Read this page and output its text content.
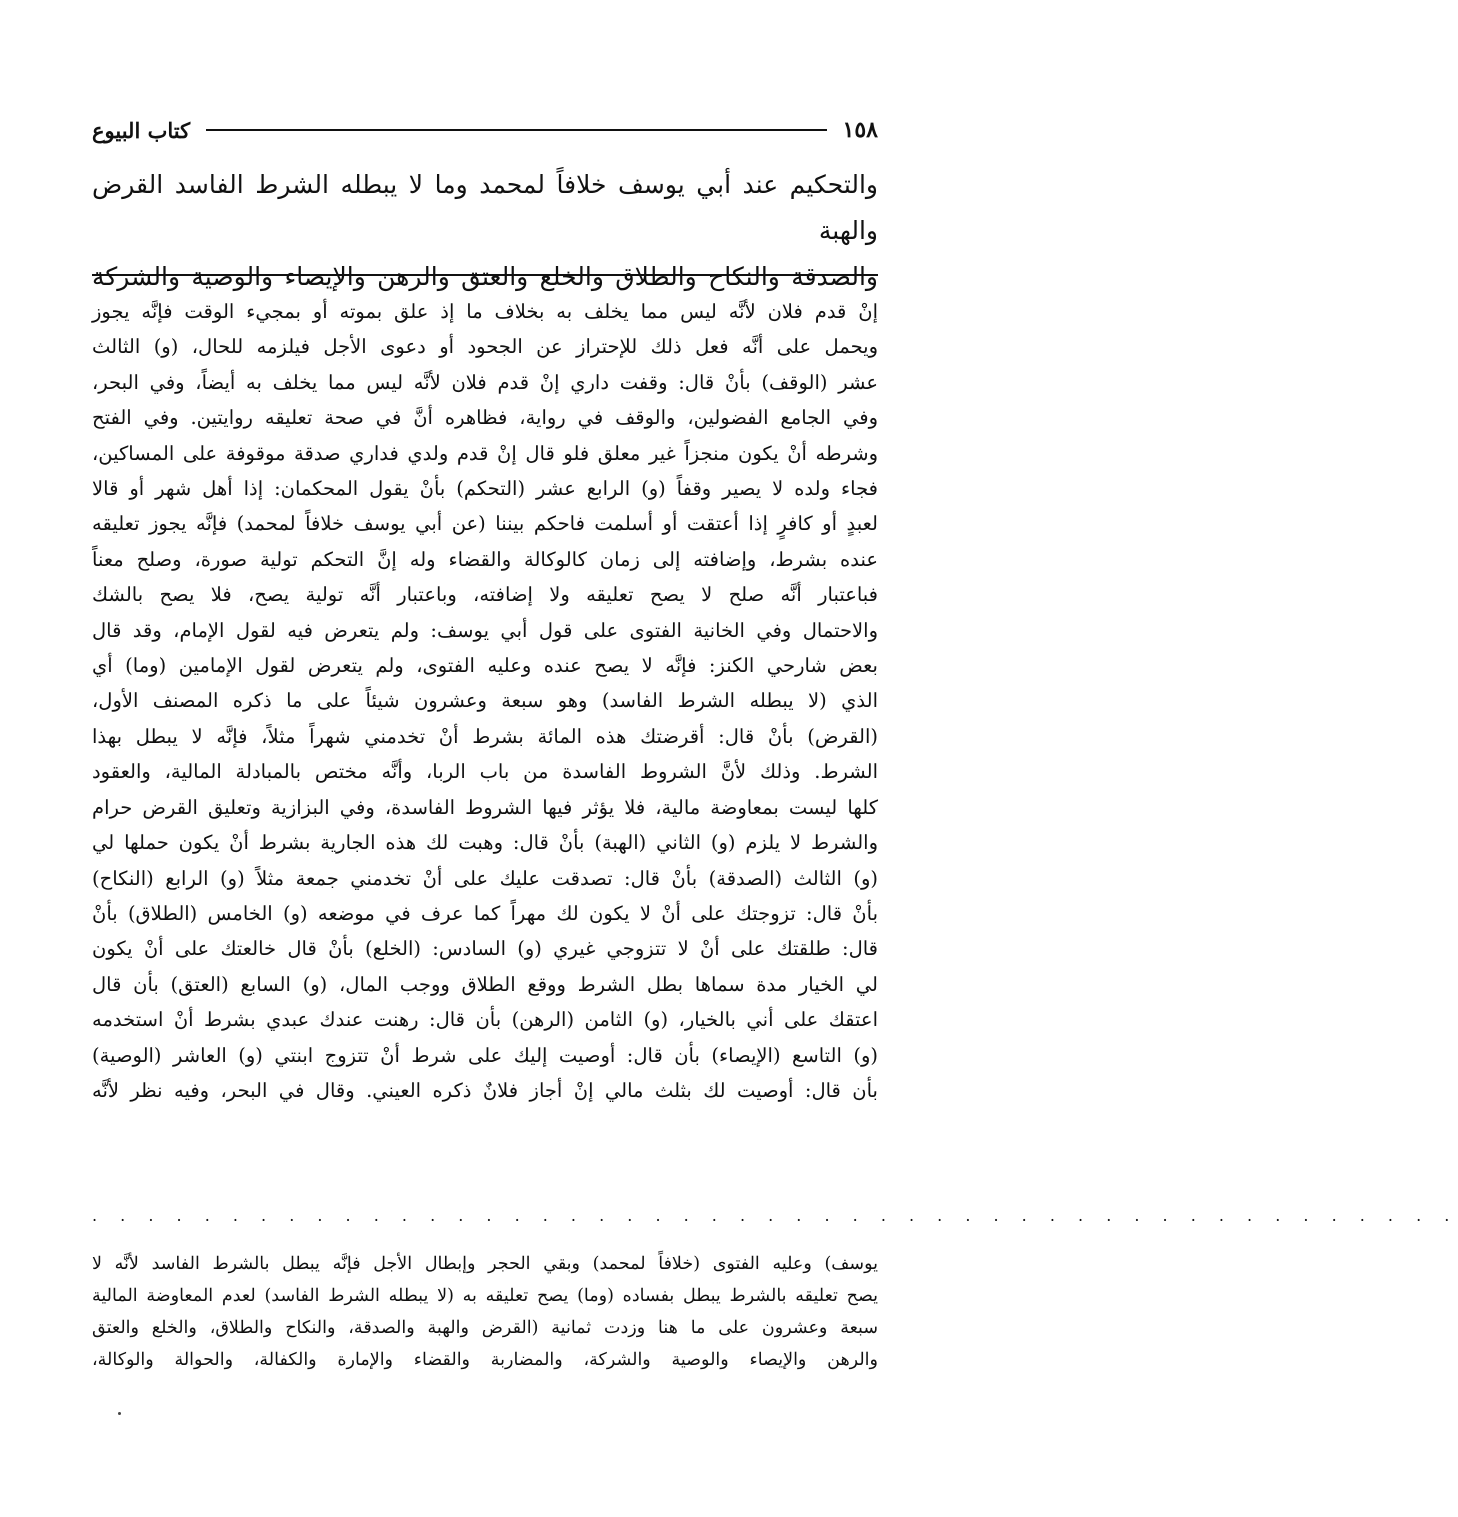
١٥٨
كتاب البيوع

والتحكيم عند أبي يوسف خلافاً لمحمد وما لا يبطله الشرط الفاسد القرض والهبة

والصدقة والنكاح والطلاق والخلع والعتق والرهن والإيصاء والوصية والشركة

إنْ قدم فلان لأنَّه ليس مما يخلف به بخلاف ما إذ علق بموته أو بمجيء الوقت فإنَّه يجوز

ويحمل على أنَّه فعل ذلك للإحتراز عن الجحود أو دعوى الأجل فيلزمه للحال، (و) الثالث

عشر (الوقف) بأنْ قال: وقفت داري إنْ قدم فلان لأنَّه ليس مما يخلف به أيضاً، وفي البحر،

وفي الجامع الفضولين، والوقف في رواية، فظاهره أنَّ في صحة تعليقه روايتين. وفي الفتح

وشرطه أنْ يكون منجزاً غير معلق فلو قال إنْ قدم ولدي فداري صدقة موقوفة على المساكين،

فجاء ولده لا يصير وقفاً (و) الرابع عشر (التحكم) بأنْ يقول المحكمان: إذا أهل شهر أو قالا

لعبدٍ أو كافرٍ إذا أعتقت أو أسلمت فاحكم بيننا (عن أبي يوسف خلافاً لمحمد) فإنَّه يجوز تعليقه

عنده بشرط، وإضافته إلى زمان كالوكالة والقضاء وله إنَّ التحكم تولية صورة، وصلح معناً

فباعتبار أنَّه صلح لا يصح تعليقه ولا إضافته، وباعتبار أنَّه تولية يصح، فلا يصح بالشك

والاحتمال وفي الخانية الفتوى على قول أبي يوسف: ولم يتعرض فيه لقول الإمام، وقد قال

بعض شارحي الكنز: فإنَّه لا يصح عنده وعليه الفتوى، ولم يتعرض لقول الإمامين (وما) أي

الذي (لا يبطله الشرط الفاسد) وهو سبعة وعشرون شيئاً على ما ذكره المصنف الأول،

(القرض) بأنْ قال: أقرضتك هذه المائة بشرط أنْ تخدمني شهراً مثلاً، فإنَّه لا يبطل بهذا

الشرط. وذلك لأنَّ الشروط الفاسدة من باب الربا، وأنَّه مختص بالمبادلة المالية، والعقود

كلها ليست بمعاوضة مالية، فلا يؤثر فيها الشروط الفاسدة، وفي البزازية وتعليق القرض حرام

والشرط لا يلزم (و) الثاني (الهبة) بأنْ قال: وهبت لك هذه الجارية بشرط أنْ يكون حملها لي

(و) الثالث (الصدقة) بأنْ قال: تصدقت عليك على أنْ تخدمني جمعة مثلاً (و) الرابع (النكاح)

بأنْ قال: تزوجتك على أنْ لا يكون لك مهراً كما عرف في موضعه (و) الخامس (الطلاق) بأنْ

قال: طلقتك على أنْ لا تتزوجي غيري (و) السادس: (الخلع) بأنْ قال خالعتك على أنْ يكون

لي الخيار مدة سماها بطل الشرط ووقع الطلاق ووجب المال، (و) السابع (العتق) بأن قال

اعتقك على أني بالخيار، (و) الثامن (الرهن) بأن قال: رهنت عندك عبدي بشرط أنْ استخدمه

(و) التاسع (الإيصاء) بأن قال: أوصيت إليك على شرط أنْ تتزوج ابنتي (و) العاشر (الوصية)

بأن قال: أوصيت لك بثلث مالي إنْ أجاز فلانٌ ذكره العيني. وقال في البحر، وفيه نظر لأنَّه

. . . . . . . . . . . . . . . . . . . . . . . . . . . . . . . . . . . . . . . . . . . . . . . . .

يوسف) وعليه الفتوى (خلافاً لمحمد) وبقي الحجر وإبطال الأجل فإنَّه يبطل بالشرط الفاسد لأنَّه لا

يصح تعليقه بالشرط يبطل بفساده (وما) يصح تعليقه به (لا يبطله الشرط الفاسد) لعدم المعاوضة المالية

سبعة وعشرون على ما هنا وزدت ثمانية (القرض والهبة والصدقة، والنكاح والطلاق، والخلع والعتق

والرهن والإيصاء والوصية والشركة، والمضاربة والقضاء والإمارة والكفالة، والحوالة والوكالة،
